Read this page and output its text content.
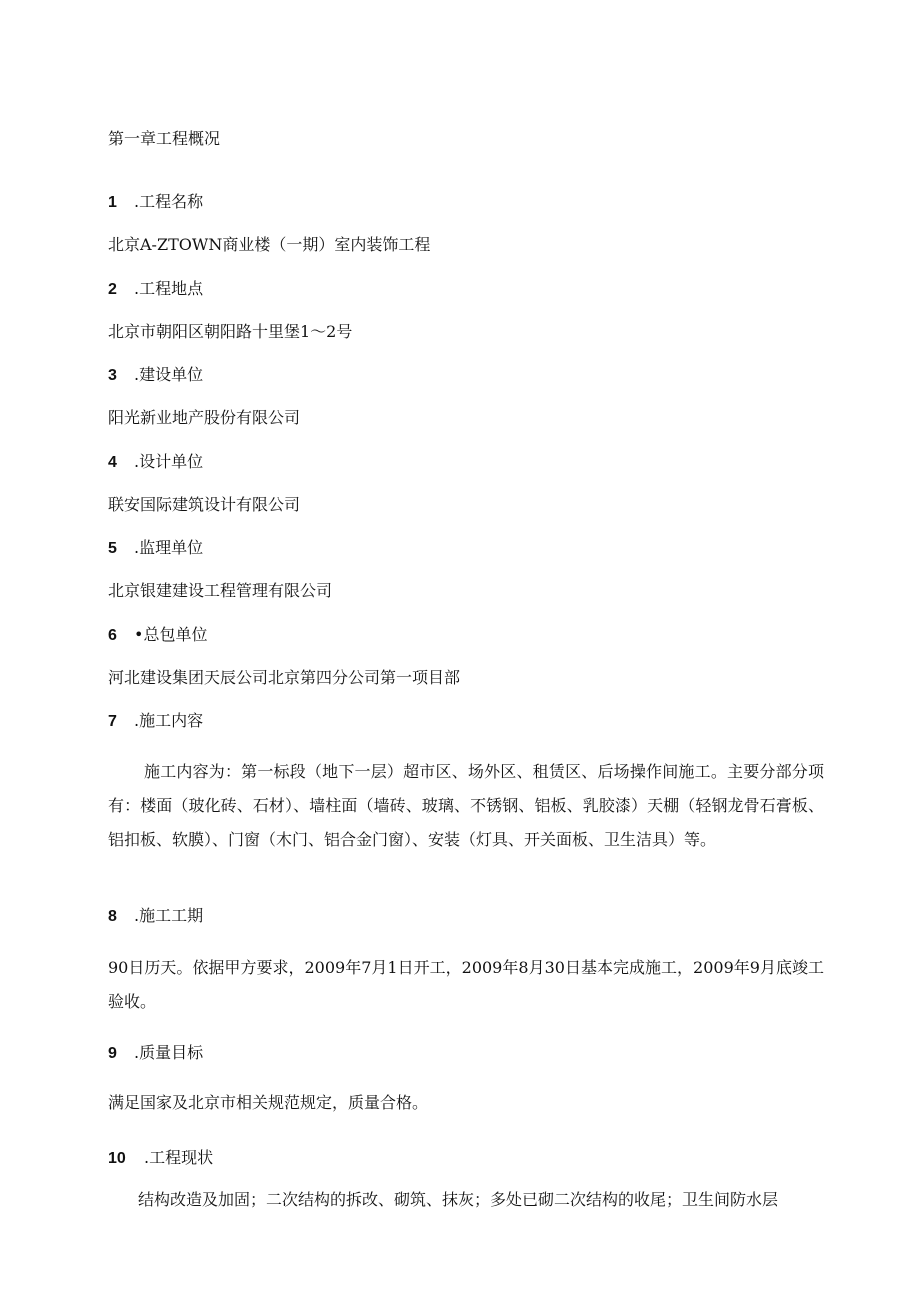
第一章工程概况
1 .工程名称
北京A-ZTOWN商业楼（一期）室内装饰工程
2 .工程地点
北京市朝阳区朝阳路十里堡1～2号
3 .建设单位
阳光新业地产股份有限公司
4 .设计单位
联安国际建筑设计有限公司
5 .监理单位
北京银建建设工程管理有限公司
6 •总包单位
河北建设集团天辰公司北京第四分公司第一项目部
7 .施工内容
施工内容为：第一标段（地下一层）超市区、场外区、租赁区、后场操作间施工。主要分部分项有：楼面（玻化砖、石材）、墙柱面（墙砖、玻璃、不锈钢、铝板、乳胶漆）天棚（轻钢龙骨石膏板、铝扣板、软膜）、门窗（木门、铝合金门窗）、安装（灯具、开关面板、卫生洁具）等。
8 .施工工期
90日历天。依据甲方要求，2009年7月1日开工，2009年8月30日基本完成施工，2009年9月底竣工验收。
9 .质量目标
满足国家及北京市相关规范规定，质量合格。
10 .工程现状
结构改造及加固；二次结构的拆改、砌筑、抹灰；多处已砌二次结构的收尾；卫生间防水层
